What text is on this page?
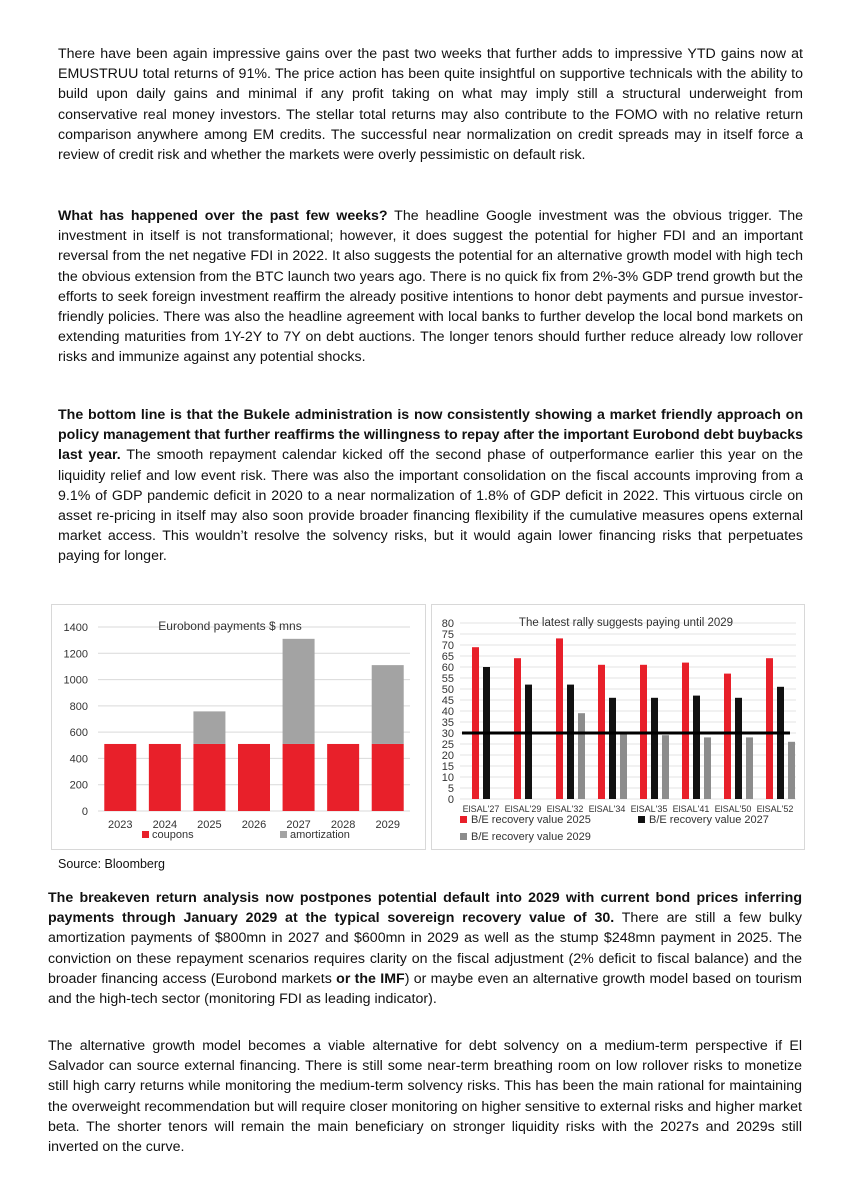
There have been again impressive gains over the past two weeks that further adds to impressive YTD gains now at EMUSTRUU total returns of 91%. The price action has been quite insightful on supportive technicals with the ability to build upon daily gains and minimal if any profit taking on what may imply still a structural underweight from conservative real money investors. The stellar total returns may also contribute to the FOMO with no relative return comparison anywhere among EM credits. The successful near normalization on credit spreads may in itself force a review of credit risk and whether the markets were overly pessimistic on default risk.
What has happened over the past few weeks? The headline Google investment was the obvious trigger. The investment in itself is not transformational; however, it does suggest the potential for higher FDI and an important reversal from the net negative FDI in 2022. It also suggests the potential for an alternative growth model with high tech the obvious extension from the BTC launch two years ago. There is no quick fix from 2%-3% GDP trend growth but the efforts to seek foreign investment reaffirm the already positive intentions to honor debt payments and pursue investor-friendly policies. There was also the headline agreement with local banks to further develop the local bond markets on extending maturities from 1Y-2Y to 7Y on debt auctions. The longer tenors should further reduce already low rollover risks and immunize against any potential shocks.
The bottom line is that the Bukele administration is now consistently showing a market friendly approach on policy management that further reaffirms the willingness to repay after the important Eurobond debt buybacks last year. The smooth repayment calendar kicked off the second phase of outperformance earlier this year on the liquidity relief and low event risk. There was also the important consolidation on the fiscal accounts improving from a 9.1% of GDP pandemic deficit in 2020 to a near normalization of 1.8% of GDP deficit in 2022. This virtuous circle on asset re-pricing in itself may also soon provide broader financing flexibility if the cumulative measures opens external market access. This wouldn’t resolve the solvency risks, but it would again lower financing risks that perpetuates paying for longer.
0
200
400
600
800
1000
1200
1400	Eurobond payments $ mns
2023 2024 2025 2026 2027 2028 2029
coupons	amortization
0
5
10
15
20
25
30
35
40
45
50
55
60
65
70
75
80	The latest rally suggests paying until 2029
ElSAL'27 ElSAL'29 ElSAL'32 ElSAL'34 ElSAL'35 ElSAL'41 ElSAL'50 ElSAL'52
B/E recovery value 2025	B/E recovery value 2027
B/E recovery value 2029
Source: Bloomberg
The breakeven return analysis now postpones potential default into 2029 with current bond prices inferring payments through January 2029 at the typical sovereign recovery value of 30. There are still a few bulky amortization payments of $800mn in 2027 and $600mn in 2029 as well as the stump $248mn payment in 2025. The conviction on these repayment scenarios requires clarity on the fiscal adjustment (2% deficit to fiscal balance) and the broader financing access (Eurobond markets or the IMF) or maybe even an alternative growth model based on tourism and the high-tech sector (monitoring FDI as leading indicator).
The alternative growth model becomes a viable alternative for debt solvency on a medium-term perspective if El Salvador can source external financing. There is still some near-term breathing room on low rollover risks to monetize still high carry returns while monitoring the medium-term solvency risks. This has been the main rational for maintaining the overweight recommendation but will require closer monitoring on higher sensitive to external risks and higher market beta. The shorter tenors will remain the main beneficiary on stronger liquidity risks with the 2027s and 2029s still inverted on the curve.
